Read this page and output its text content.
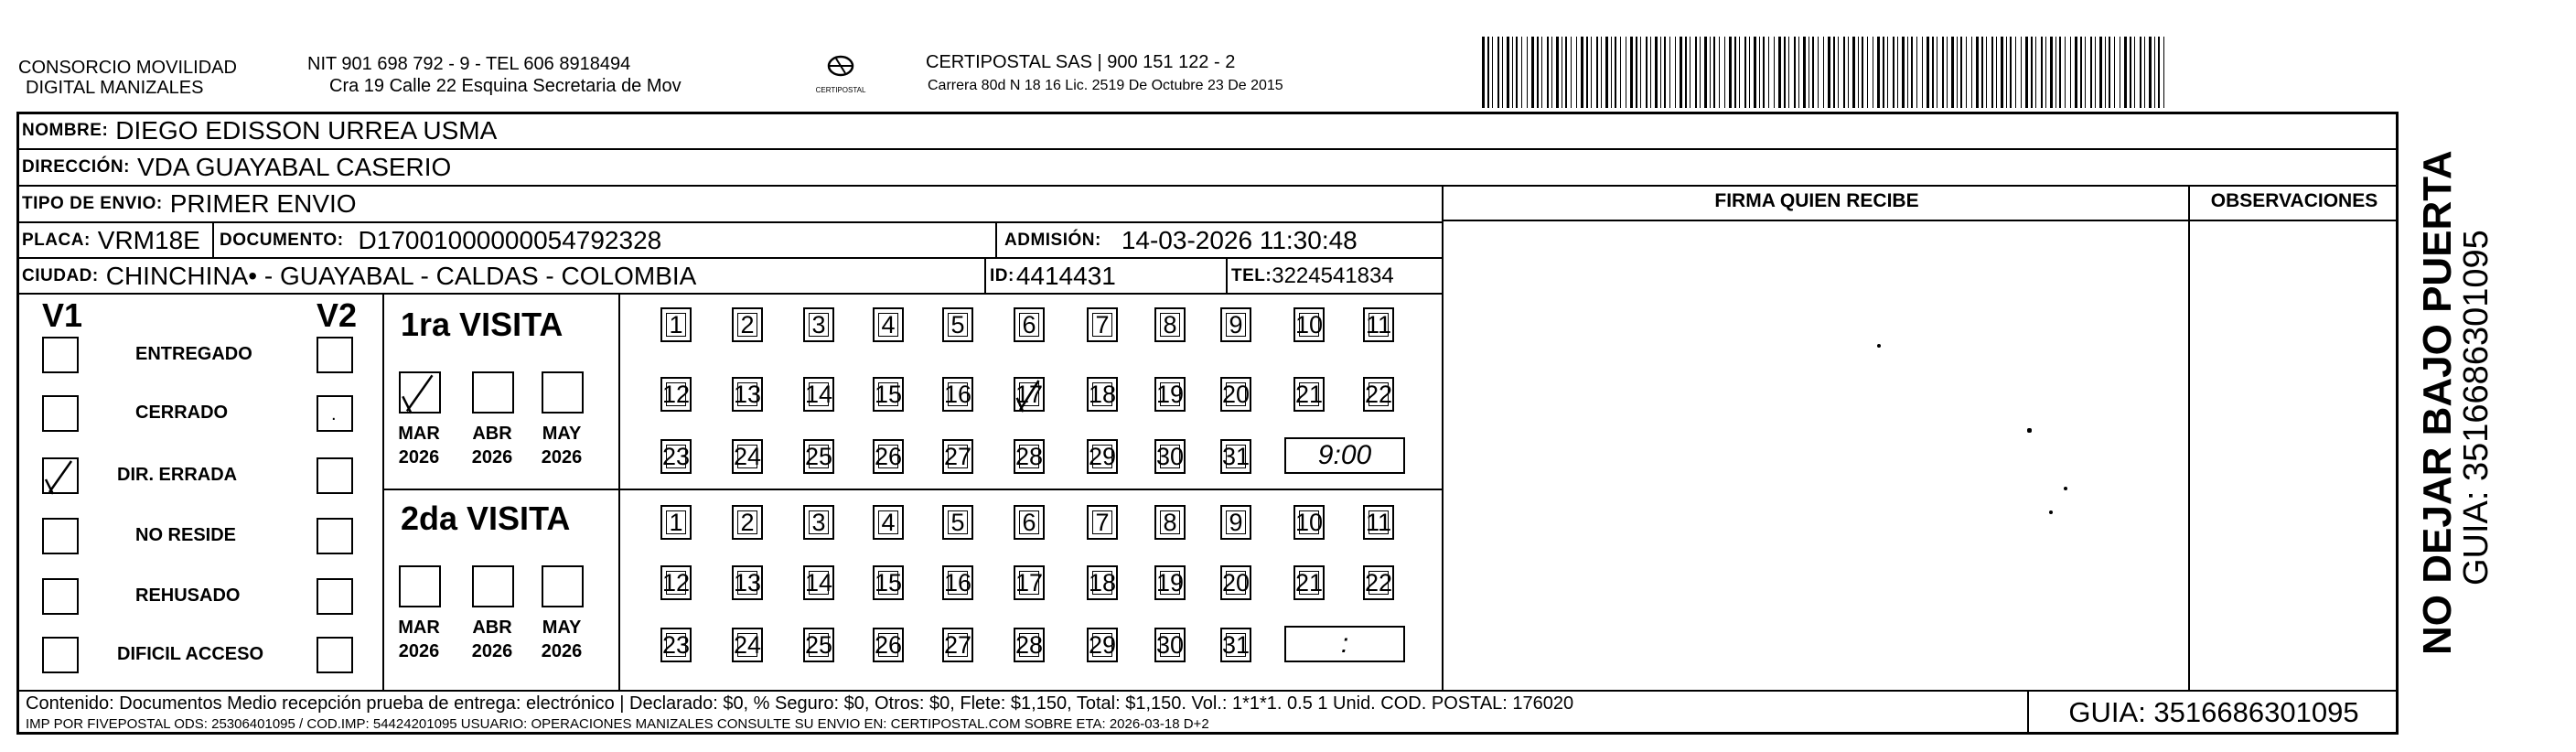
CONSORCIO MOVILIDAD
DIGITAL MANIZALES
NIT 901 698 792 - 9 - TEL 606 8918494
Cra 19 Calle 22 Esquina Secretaria de Mov	CERTIPOSTAL
CERTIPOSTAL SAS | 900 151 122 - 2
Carrera 80d N 18 16 Lic. 2519 De Octubre 23 De 2015
NOMBRE: DIEGO EDISSON URREA USMA
DIRECCIÓN: VDA GUAYABAL CASERIO
TIPO DE ENVIO: PRIMER ENVIO	FIRMA QUIEN RECIBE	OBSERVACIONES
PLACA: VRM18E DOCUMENTO: D17001000000054792328	ADMISIÓN: 14-03-2026 11:30:48
CIUDAD: CHINCHINA• - GUAYABAL - CALDAS - COLOMBIA	ID: 4414431	TEL: 3224541834
V1	V2
ENTREGADO
CERRADO	.
DIR. ERRADA
NO RESIDE
REHUSADO
DIFICIL ACCESO
1ra VISITA
MAR
2026
ABR
2026
MAY
2026
1 2 3 4 5 6 7 8 9 10 11
12 13 14 15 16 17 18 19 20 21 22
23 24 25 26 27 28 29 30 31	9:00
2da VISITA
MAR
2026
ABR
2026
MAY
2026
1 2 3 4 5 6 7 8 9 10 11
12 13 14 15 16 17 18 19 20 21 22
23 24 25 26 27 28 29 30 31	:
Contenido: Documentos Medio recepción prueba de entrega: electrónico | Declarado: $0, % Seguro: $0, Otros: $0, Flete: $1,150, Total: $1,150. Vol.: 1*1*1. 0.5 1 Unid. COD. POSTAL: 176020
IMP POR FIVEPOSTAL ODS: 25306401095 / COD.IMP: 54424201095 USUARIO: OPERACIONES MANIZALES CONSULTE SU ENVIO EN: CERTIPOSTAL.COM SOBRE ETA: 2026-03-18 D+2	GUIA: 3516686301095
NO DEJAR BAJO PUERTA
GUIA: 3516686301095
